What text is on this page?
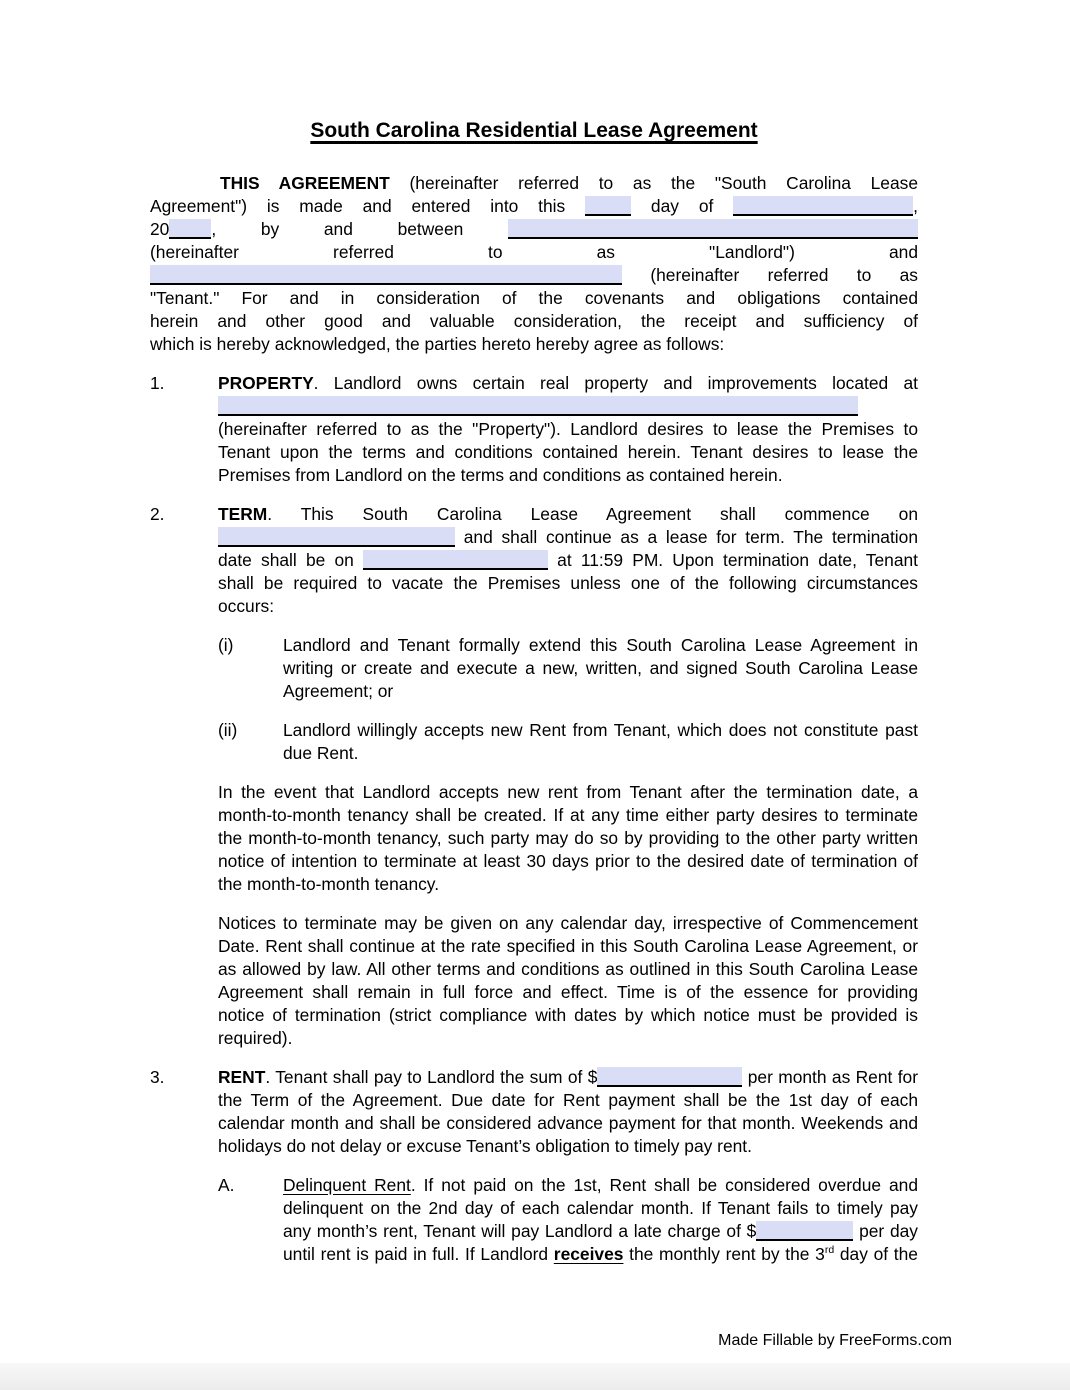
South Carolina Residential Lease Agreement
THIS AGREEMENT (hereinafter referred to as the "South Carolina Lease
Agreement") is made and entered into this	day of	,
20 , by and between
(hereinafter referred to as "Landlord") and
(hereinafter referred to as
"Tenant." For and in consideration of the covenants and obligations contained
herein and other good and valuable consideration, the receipt and sufficiency of
which is hereby acknowledged, the parties hereto hereby agree as follows:
1.	PROPERTY. Landlord owns certain real property and improvements located at
(hereinafter referred to as the "Property"). Landlord desires to lease the Premises to
Tenant upon the terms and conditions contained herein. Tenant desires to lease the
Premises from Landlord on the terms and conditions as contained herein.
2.	TERM. This South Carolina Lease Agreement shall commence on
and shall continue as a lease for term. The termination
date shall be on	at 11:59 PM. Upon termination date, Tenant
shall be required to vacate the Premises unless one of the following circumstances
occurs:
(i)	Landlord and Tenant formally extend this South Carolina Lease Agreement in
writing or create and execute a new, written, and signed South Carolina Lease
Agreement; or
(ii)	Landlord willingly accepts new Rent from Tenant, which does not constitute past
due Rent.
In the event that Landlord accepts new rent from Tenant after the termination date, a
month-to-month tenancy shall be created. If at any time either party desires to terminate
the month-to-month tenancy, such party may do so by providing to the other party written
notice of intention to terminate at least 30 days prior to the desired date of termination of
the month-to-month tenancy.
Notices to terminate may be given on any calendar day, irrespective of Commencement
Date. Rent shall continue at the rate specified in this South Carolina Lease Agreement, or
as allowed by law. All other terms and conditions as outlined in this South Carolina Lease
Agreement shall remain in full force and effect. Time is of the essence for providing
notice of termination (strict compliance with dates by which notice must be provided is
required).
3.	RENT. Tenant shall pay to Landlord the sum of $	per month as Rent for
the Term of the Agreement. Due date for Rent payment shall be the 1st day of each
calendar month and shall be considered advance payment for that month. Weekends and
holidays do not delay or excuse Tenant’s obligation to timely pay rent.
A.	Delinquent Rent. If not paid on the 1st, Rent shall be considered overdue and
delinquent on the 2nd day of each calendar month. If Tenant fails to timely pay
any month’s rent, Tenant will pay Landlord a late charge of $	per day
until rent is paid in full. If Landlord receives the monthly rent by the 3rd day of the
Made Fillable by FreeForms.com
